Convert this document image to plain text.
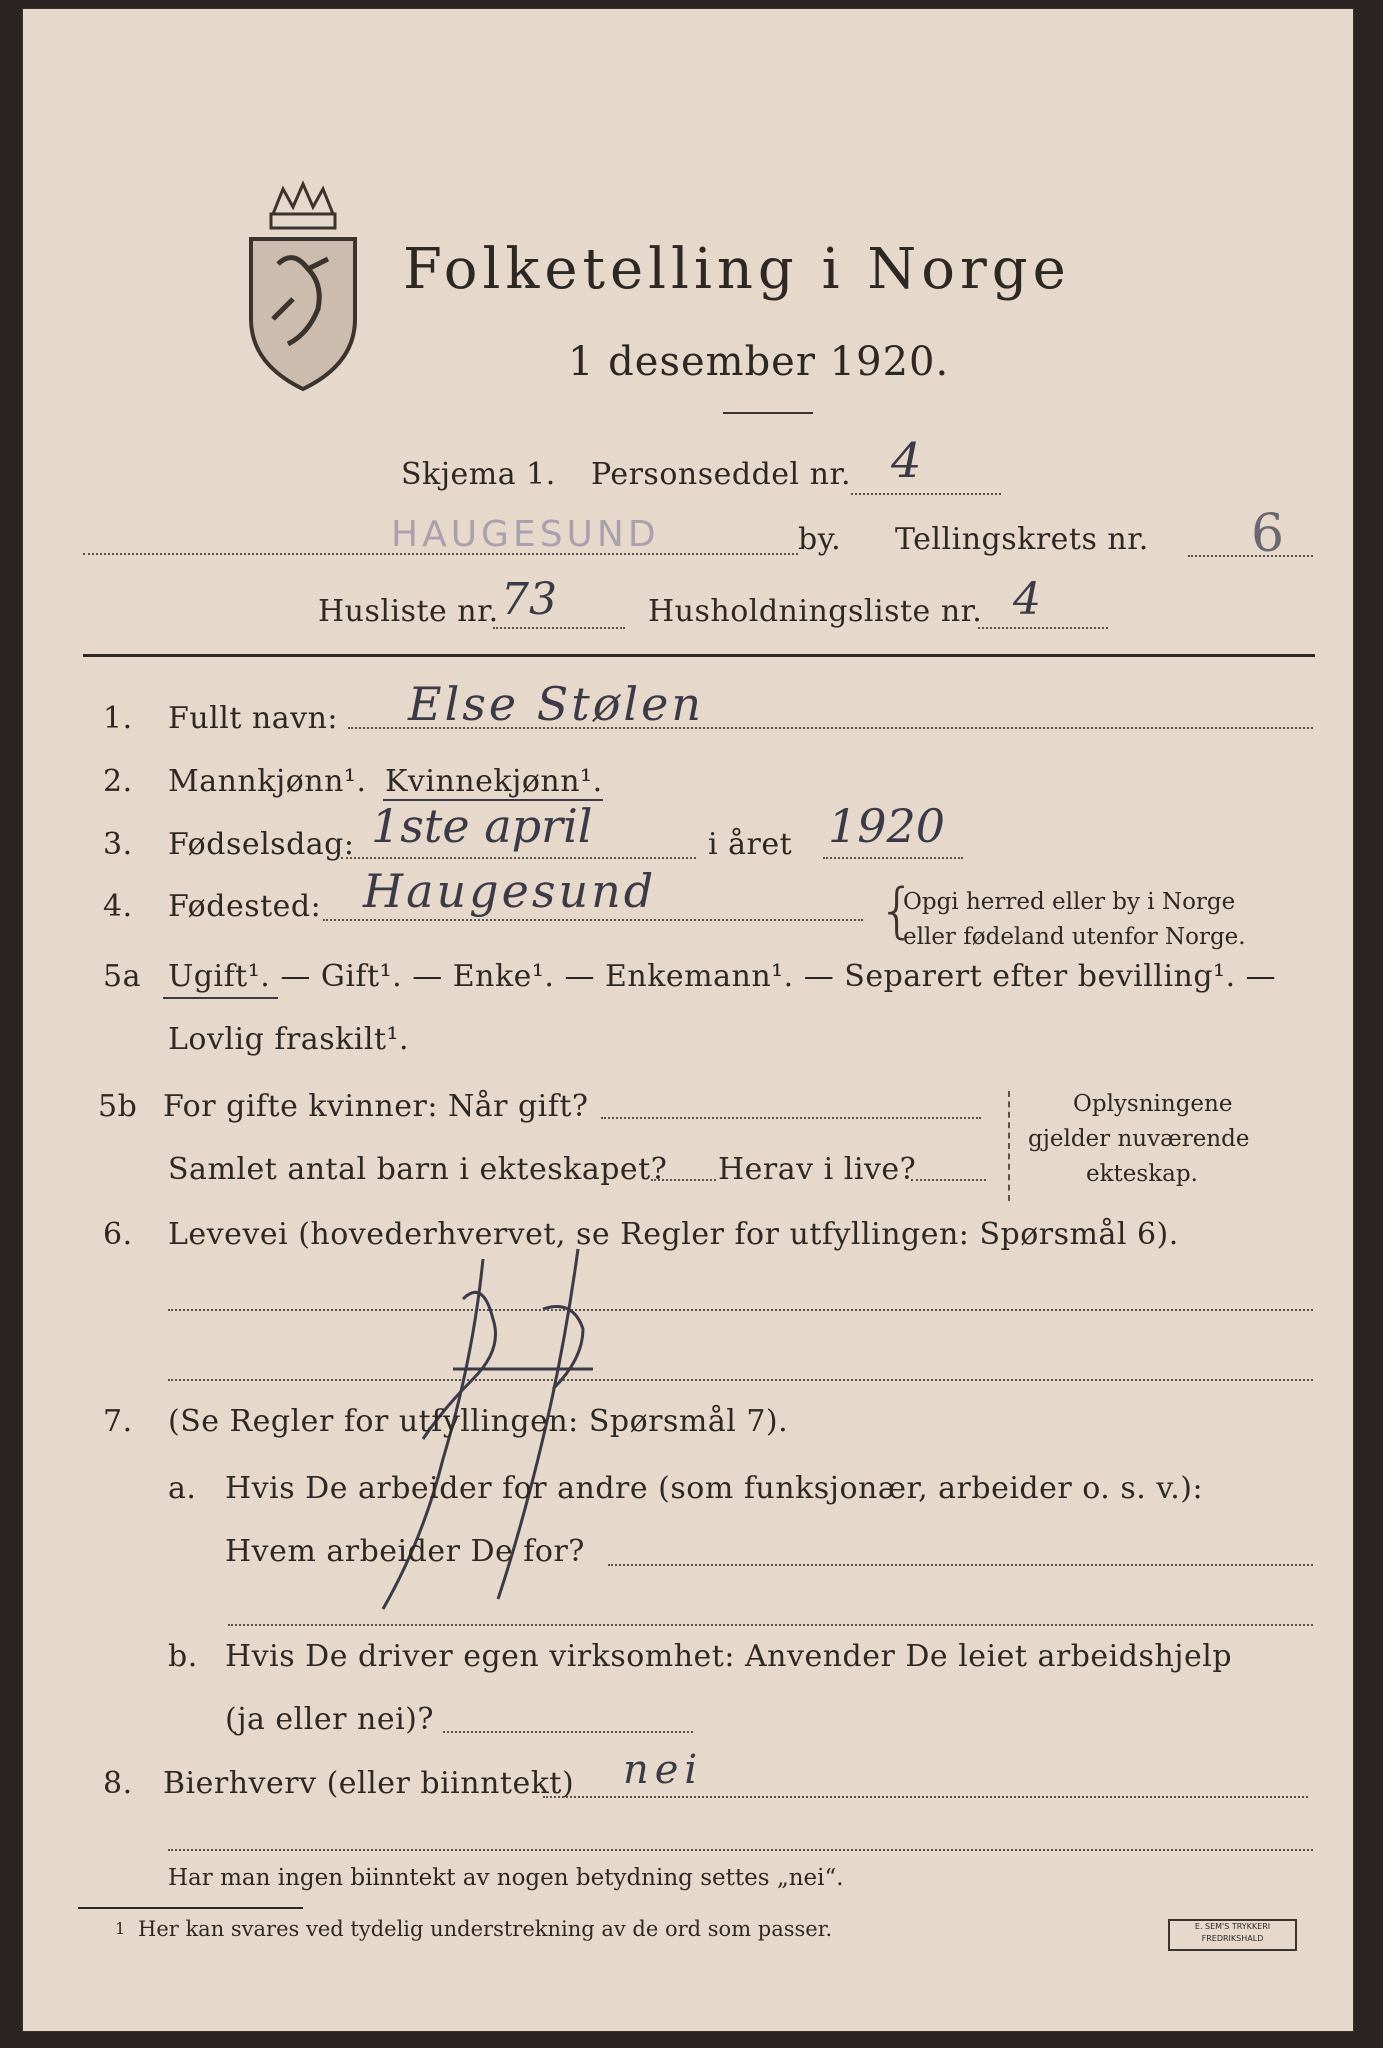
Folketelling i Norge
1 desember 1920.
Skjema 1. Personseddel nr. 4
HAUGESUND	by. Tellingskrets nr. 6
Husliste nr. 73	Husholdningsliste nr. 4
1. Fullt navn: Else Stølen
2. Mannkjønn¹. Kvinnekjønn¹.
3. Fødselsdag: 1ste april	i året 1920
4. Fødested: Haugesund	{
Opgi herred eller by i Norge
eller fødeland utenfor Norge.
5a Ugift¹. — Gift¹. — Enke¹. — Enkemann¹. — Separert efter bevilling¹. —
Lovlig fraskilt¹.
5b For gifte kvinner: Når gift?
Samlet antal barn i ekteskapet? Herav i live?
Oplysningene
gjelder nuværende
ekteskap.
6. Levevei (hovederhvervet, se Regler for utfyllingen: Spørsmål 6).
7. (Se Regler for utfyllingen: Spørsmål 7).
a. Hvis De arbeider for andre (som funksjonær, arbeider o. s. v.):
Hvem arbeider De for?
b. Hvis De driver egen virksomhet: Anvender De leiet arbeidshjelp
(ja eller nei)?
8. Bierhverv (eller biinntekt) nei
Har man ingen biinntekt av nogen betydning settes „nei“.
1 Her kan svares ved tydelig understrekning av de ord som passer.	E. SEM'S TRYKKERI
FREDRIKSHALD
